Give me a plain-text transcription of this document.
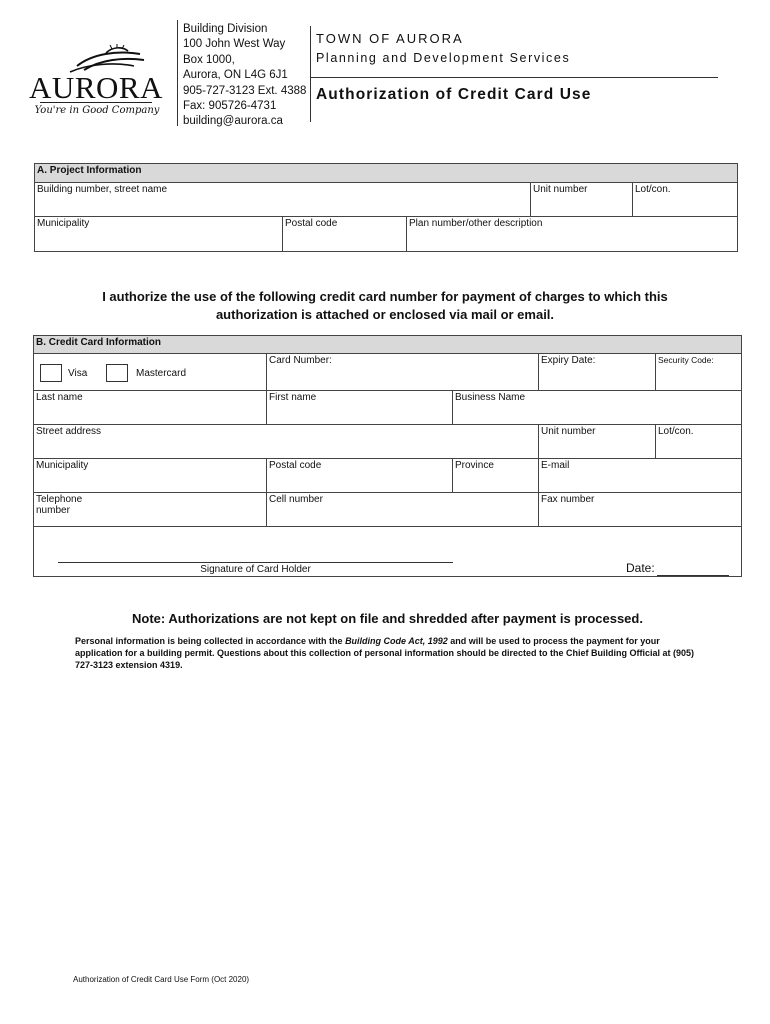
AURORA
You're in Good Company
Building Division
100 John West Way
Box 1000,
Aurora, ON L4G 6J1
905-727-3123 Ext. 4388
Fax: 905726-4731
building@aurora.ca
TOWN OF AURORA
Planning and Development Services
Authorization of Credit Card Use
A. Project Information				
Building number, street name			Unit number	Lot/con.
Municipality	Postal code	Plan number/other description		
I authorize the use of the following credit card number for payment of charges to which this
authorization is attached or enclosed via mail or email.
B. Credit Card Information				

Visa Mastercard	Card Number:		Expiry Date:	Security Code:
Last name	First name	Business Name		
Street address			Unit number	Lot/con.
Municipality	Postal code	Province	E-mail	

Telephone number	Cell number		Fax number	

Signature of Card Holder	Date:
Note: Authorizations are not kept on file and shredded after payment is processed.
Personal information is being collected in accordance with the Building Code Act, 1992 and will be used to process the payment for your application for a building permit. Questions about this collection of personal information should be directed to the Chief Building Official at (905) 727-3123 extension 4319.
Authorization of Credit Card Use Form (Oct 2020)
